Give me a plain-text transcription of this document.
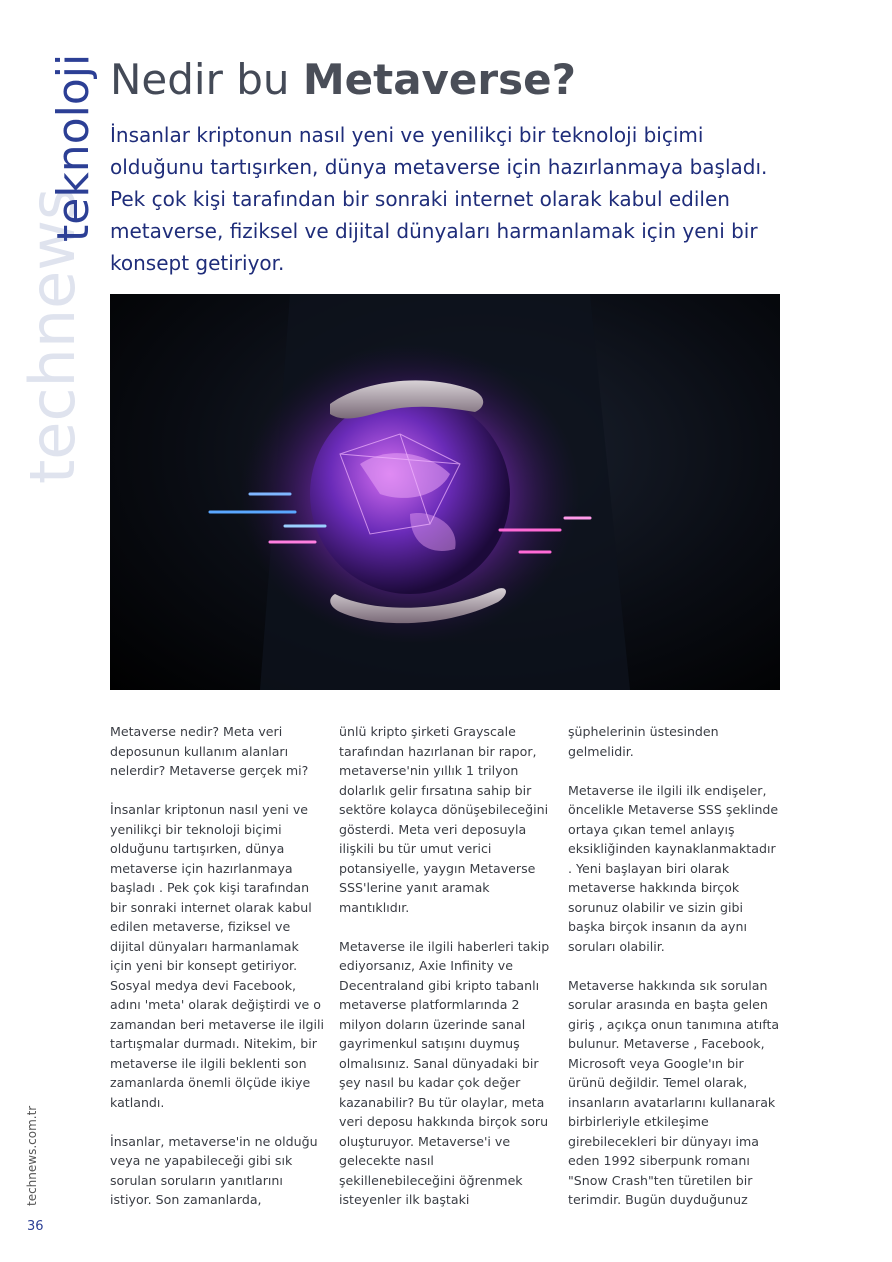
technews
teknoloji Nedir bu Metaverse?

İnsanlar kriptonun nasıl yeni ve yenilikçi bir teknoloji biçimi olduğunu tartışırken, dünya metaverse için hazırlanmaya başladı. Pek çok kişi tarafından bir sonraki internet olarak kabul edilen metaverse, fiziksel ve dijital dünyaları harmanlamak için yeni bir konsept getiriyor.

Metaverse nedir? Meta veri deposunun kullanım alanları nelerdir? Metaverse gerçek mi?

İnsanlar kriptonun nasıl yeni ve yenilikçi bir teknoloji biçimi olduğunu tartışırken, dünya metaverse için hazırlanmaya başladı . Pek çok kişi tarafından bir sonraki internet olarak kabul edilen metaverse, fiziksel ve dijital dünyaları harmanlamak için yeni bir konsept getiriyor. Sosyal medya devi Facebook, adını 'meta' olarak değiştirdi ve o zamandan beri metaverse ile ilgili tartışmalar durmadı. Nitekim, bir metaverse ile ilgili beklenti son zamanlarda önemli ölçüde ikiye katlandı.

İnsanlar, metaverse'in ne olduğu veya ne yapabileceği gibi sık sorulan soruların yanıtlarını istiyor. Son zamanlarda,

ünlü kripto şirketi Grayscale tarafından hazırlanan bir rapor, metaverse'nin yıllık 1 trilyon dolarlık gelir fırsatına sahip bir sektöre kolayca dönüşebileceğini gösterdi. Meta veri deposuyla ilişkili bu tür umut verici potansiyelle, yaygın Metaverse SSS'lerine yanıt aramak mantıklıdır.

Metaverse ile ilgili haberleri takip ediyorsanız, Axie Infinity ve Decentraland gibi kripto tabanlı metaverse platformlarında 2 milyon doların üzerinde sanal gayrimenkul satışını duymuş olmalısınız. Sanal dünyadaki bir şey nasıl bu kadar çok değer kazanabilir? Bu tür olaylar, meta veri deposu hakkında birçok soru oluşturuyor. Metaverse'i ve gelecekte nasıl şekillenebileceğini öğrenmek isteyenler ilk baştaki

şüphelerinin üstesinden gelmelidir.

Metaverse ile ilgili ilk endişeler, öncelikle Metaverse SSS şeklinde ortaya çıkan temel anlayış eksikliğinden kaynaklanmaktadır . Yeni başlayan biri olarak metaverse hakkında birçok sorunuz olabilir ve sizin gibi başka birçok insanın da aynı soruları olabilir.

Metaverse hakkında sık sorulan sorular arasında en başta gelen giriş , açıkça onun tanımına atıfta bulunur. Metaverse , Facebook, Microsoft veya Google'ın bir ürünü değildir. Temel olarak, insanların avatarlarını kullanarak birbirleriyle etkileşime girebilecekleri bir dünyayı ima eden 1992 siberpunk romanı "Snow Crash"ten türetilen bir terimdir. Bugün duyduğunuz

technews.com.tr
36
